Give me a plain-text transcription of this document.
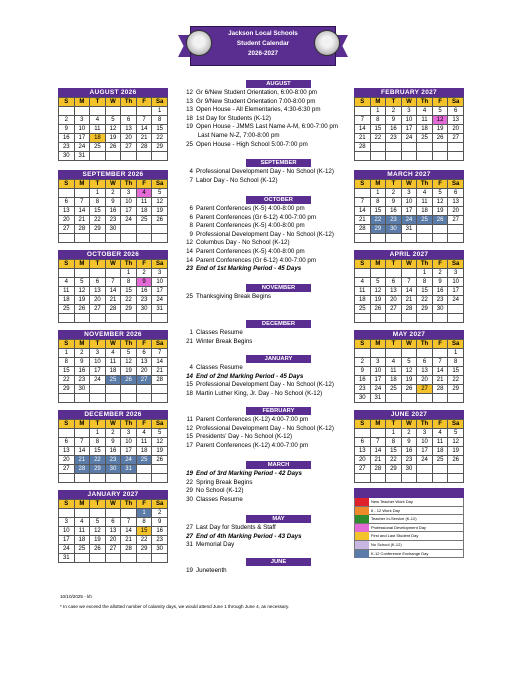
Jackson Local Schools
Student Calendar
2026-2027
AUGUST 2026
S	M	T	W	Th	F	Sa
						1
2	3	4	5	6	7	8
9	10	11	12	13	14	15
16	17	18	19	20	21	22
23	24	25	26	27	28	29
30	31					
SEPTEMBER 2026
S	M	T	W	Th	F	Sa
		1	2	3	4	5
6	7	8	9	10	11	12
13	14	15	16	17	18	19
20	21	22	23	24	25	26
27	28	29	30			

OCTOBER 2026
S	M	T	W	Th	F	Sa
				1	2	3
4	5	6	7	8	9	10
11	12	13	14	15	16	17
18	19	20	21	22	23	24
25	26	27	28	29	30	31

NOVEMBER 2026
S	M	T	W	Th	F	Sa
1	2	3	4	5	6	7
8	9	10	11	12	13	14
15	16	17	18	19	20	21
22	23	24	25	26	27	28
29	30					

DECEMBER 2026
S	M	T	W	Th	F	Sa
		1	2	3	4	5
6	7	8	9	10	11	12
13	14	15	16	17	18	19
20	21	22	23	24	25	26
27	28	29	30	31		

JANUARY 2027
S	M	T	W	Th	F	Sa
					1	2
3	4	5	6	7	8	9
10	11	12	13	14	15	16
17	18	19	20	21	22	23
24	25	26	27	28	29	30
31						
FEBRUARY 2027
S	M	T	W	Th	F	Sa
	1	2	3	4	5	6
7	8	9	10	11	12	13
14	15	16	17	18	19	20
21	22	23	24	25	26	27
28						

MARCH 2027
S	M	T	W	Th	F	Sa
	1	2	3	4	5	6
7	8	9	10	11	12	13
14	15	16	17	18	19	20
21	22	23	24	25	26	27
28	29	30	31			

APRIL 2027
S	M	T	W	Th	F	Sa
				1	2	3
4	5	6	7	8	9	10
11	12	13	14	15	16	17
18	19	20	21	22	23	24
25	26	27	28	29	30	

MAY 2027
S	M	T	W	Th	F	Sa
						1
2	3	4	5	6	7	8
9	10	11	12	13	14	15
16	17	18	19	20	21	22
23	24	25	26	27	28	29
30	31					
JUNE 2027
S	M	T	W	Th	F	Sa
		1	2	3	4	5
6	7	8	9	10	11	12
13	14	15	16	17	18	19
20	21	22	23	24	25	26
27	28	29	30			

AUGUST
12 Gr 6/New Student Orientation, 6:00-8:00 pm
13 Gr 9/New Student Orientation 7:00-8:00 pm
13 Open House - All Elementaries, 4:30-6:30 pm
18 1st Day for Students (K-12)
19 Open House - JMMS Last Name A-M, 6:00-7:00 pm
Last Name N-Z, 7:00-8:00 pm
25 Open House - High School 5:00-7:00 pm
SEPTEMBER
4 Professional Development Day - No School (K-12)
7 Labor Day - No School (K-12)
OCTOBER
6 Parent Conferences (K-5) 4:00-8:00 pm
6 Parent Conferences (Gr 6-12) 4:00-7:00 pm
8 Parent Conferences (K-5) 4:00-8:00 pm
9 Professional Development Day - No School (K-12)
12 Columbus Day - No School (K-12)
14 Parent Conferences (K-5) 4:00-8:00 pm
14 Parent Conferences (Gr 6-12) 4:00-7:00 pm
23 End of 1st Marking Period - 45 Days
NOVEMBER
25 Thanksgiving Break Begins
DECEMBER
1 Classes Resume
21 Winter Break Begins
JANUARY
4 Classes Resume
14 End of 2nd Marking Period - 45 Days
15 Professional Development Day - No School (K-12)
18 Martin Luther King, Jr. Day - No School (K-12)
FEBRUARY
11 Parent Conferences (K-12) 4:00-7:00 pm
12 Professional Development Day - No School (K-12)
15 Presidents' Day - No School (K-12)
17 Parent Conferences (K-12) 4:00-7:00 pm
MARCH
19 End of 3rd Marking Period - 42 Days
22 Spring Break Begins
29 No School (K-12)
30 Classes Resume
MAY
27 Last Day for Students & Staff
27 End of 4th Marking Period - 43 Days
31 Memorial Day
JUNE
19 Juneteenth
New Teacher Work Day
6 - 12 Work Day
Teacher In-Service (K-12)
Professional Development Day
First and Last Student Day
No School (K-12)
K-12 Conference Exchange Day
10/10/2025 - kh
* In case we exceed the allotted number of calamity days, we would attend June 1 through June 4, as necessary.
